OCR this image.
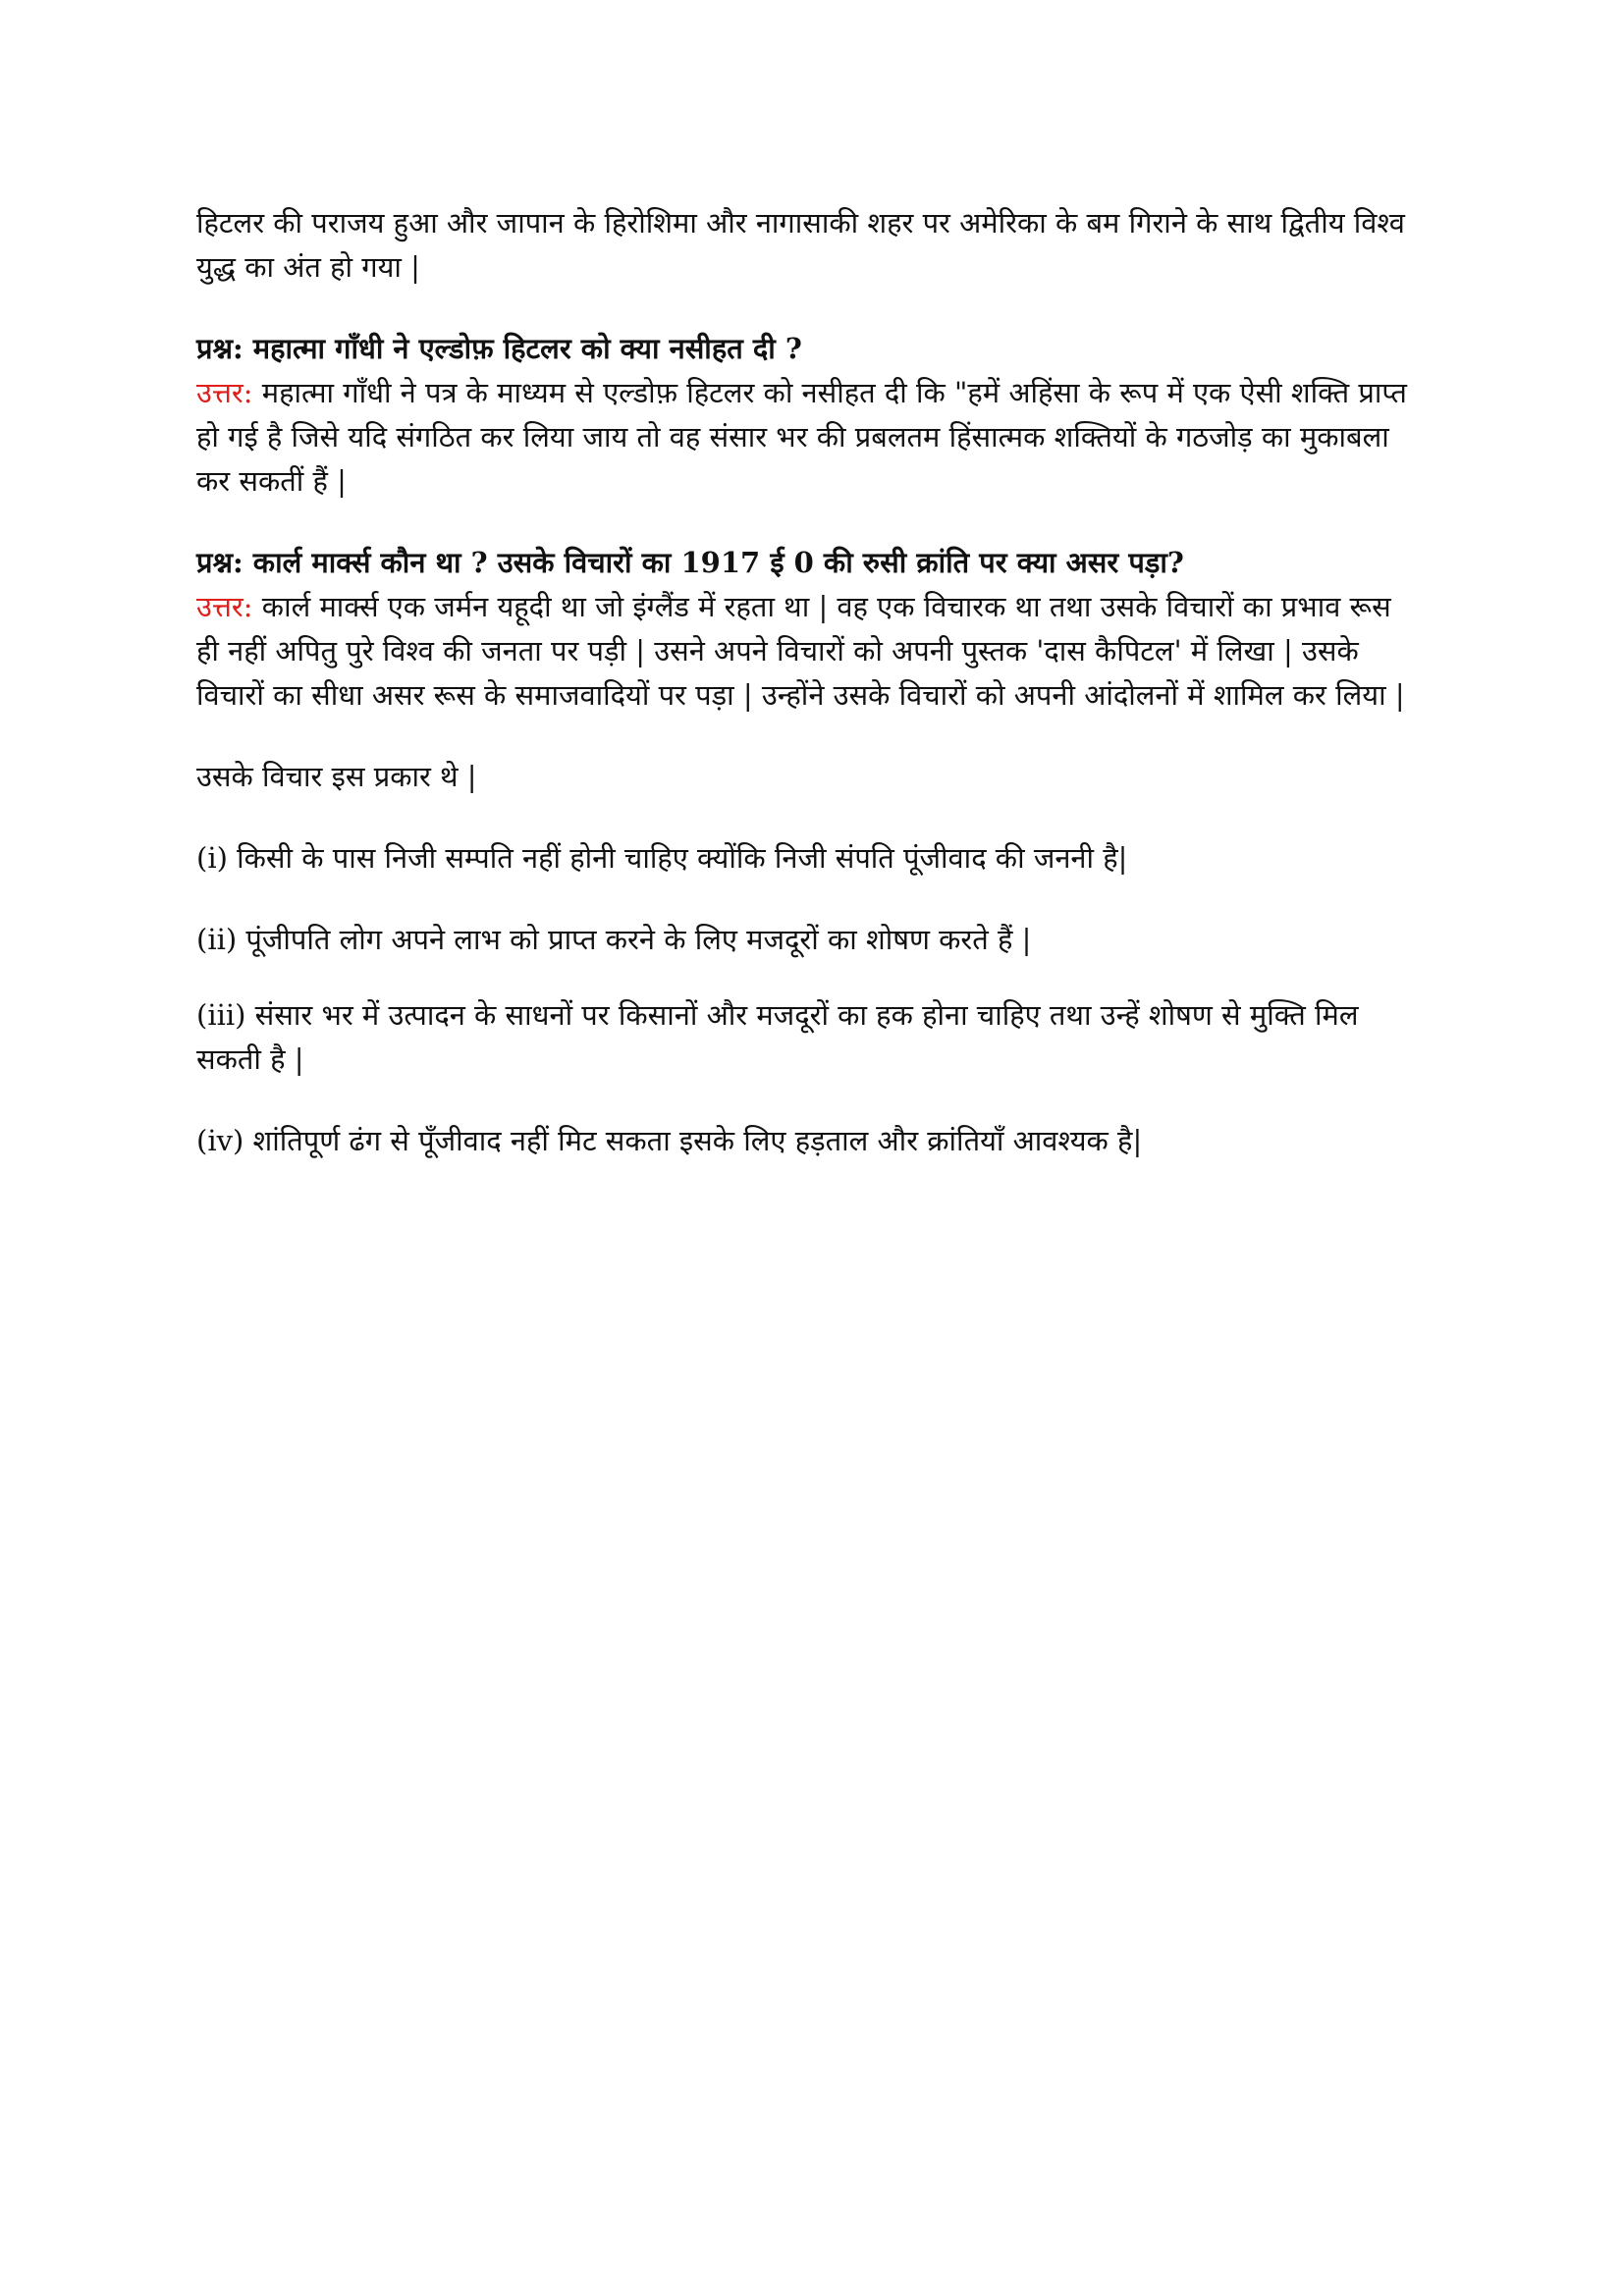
हिटलर की पराजय हुआ और जापान के हिरोशिमा और नागासाकी शहर पर अमेरिका के बम गिराने के साथ द्वितीय विश्व युद्ध का अंत हो गया |

प्रश्न: महात्मा गाँधी ने एल्डोफ़ हिटलर को क्या नसीहत दी ?

उत्तर: महात्मा गाँधी ने पत्र के माध्यम से एल्डोफ़ हिटलर को नसीहत दी कि "हमें अहिंसा के रूप में एक ऐसी शक्ति प्राप्त हो गई है जिसे यदि संगठित कर लिया जाय तो वह संसार भर की प्रबलतम हिंसात्मक शक्तियों के गठजोड़ का मुकाबला कर सकतीं हैं |

प्रश्न: कार्ल मार्क्स कौन था ? उसके विचारों का 1917 ई 0 की रुसी क्रांति पर क्या असर पड़ा?

उत्तर: कार्ल मार्क्स एक जर्मन यहूदी था जो इंग्लैंड में रहता था | वह एक विचारक था तथा उसके विचारों का प्रभाव रूस ही नहीं अपितु पुरे विश्व की जनता पर पड़ी | उसने अपने विचारों को अपनी पुस्तक 'दास कैपिटल' में लिखा | उसके विचारों का सीधा असर रूस के समाजवादियों पर पड़ा | उन्होंने उसके विचारों को अपनी आंदोलनों में शामिल कर लिया |

उसके विचार इस प्रकार थे |

(i) किसी के पास निजी सम्पति नहीं होनी चाहिए क्योंकि निजी संपति पूंजीवाद की जननी है|

(ii) पूंजीपति लोग अपने लाभ को प्राप्त करने के लिए मजदूरों का शोषण करते हैं |

(iii) संसार भर में उत्पादन के साधनों पर किसानों और मजदूरों का हक होना चाहिए तथा उन्हें शोषण से मुक्ति मिल सकती है |

(iv) शांतिपूर्ण ढंग से पूँजीवाद नहीं मिट सकता इसके लिए हड़ताल और क्रांतियाँ आवश्यक है|
